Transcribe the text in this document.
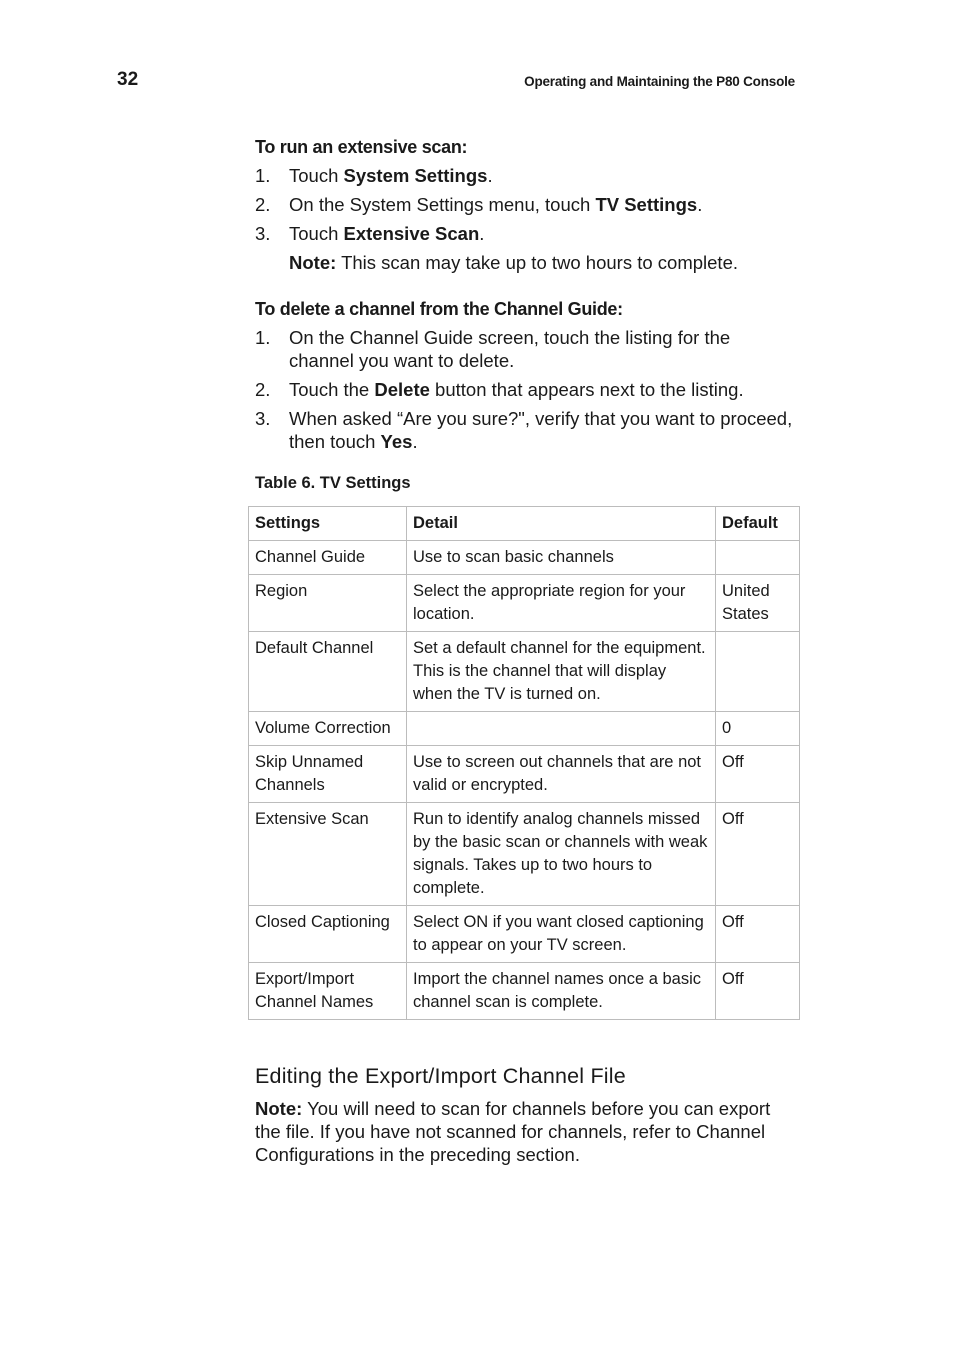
32	Operating and Maintaining the P80 Console

To run an extensive scan:

1. Touch System Settings.
2. On the System Settings menu, touch TV Settings.
3. Touch Extensive Scan.
Note: This scan may take up to two hours to complete.

To delete a channel from the Channel Guide:

1. On the Channel Guide screen, touch the listing for the channel you want to delete.
2. Touch the Delete button that appears next to the listing.
3. When asked “Are you sure?", verify that you want to proceed, then touch Yes.
Table 6. TV Settings
Settings	Detail	Default
Channel Guide	Use to scan basic channels	
Region	Select the appropriate region for your location.	United States
Default Channel	Set a default channel for the equipment. This is the channel that will display when the TV is turned on.	
Volume Correction		0
Skip Unnamed Channels	Use to screen out channels that are not valid or encrypted.	Off
Extensive Scan	Run to identify analog channels missed by the basic scan or channels with weak signals. Takes up to two hours to complete.	Off
Closed Captioning	Select ON if you want closed captioning to appear on your TV screen.	Off
Export/Import Channel Names	Import the channel names once a basic channel scan is complete.	Off
Editing the Export/Import Channel File

Note: You will need to scan for channels before you can export the file. If you have not scanned for channels, refer to Channel Configurations in the preceding section.
